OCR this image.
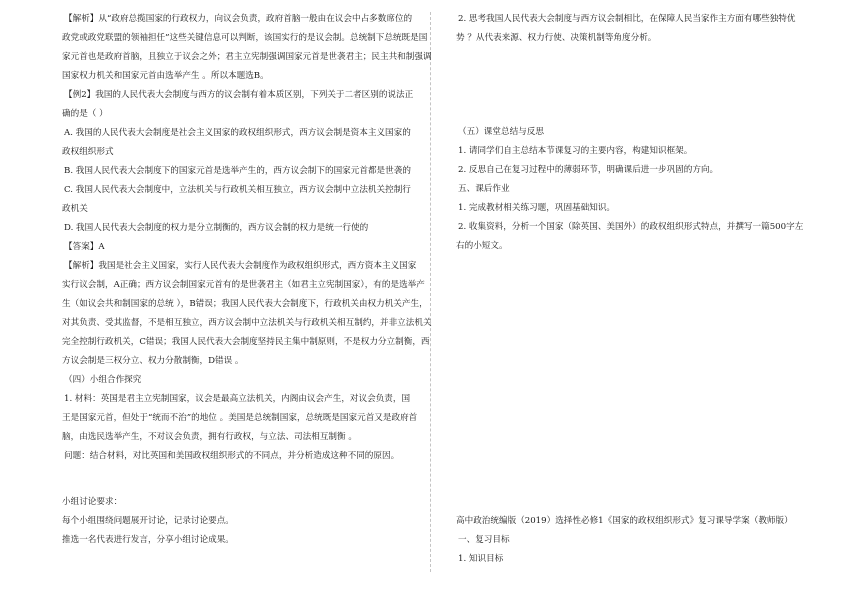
【解析】从“政府总揽国家的行政权力，向议会负责，政府首脑一般由在议会中占多数席位的
政党或政党联盟的领袖担任”这些关键信息可以判断，该国实行的是议会制。总统制下总统既是国
家元首也是政府首脑，且独立于议会之外；君主立宪制强调国家元首是世袭君主；民主共和制强调
国家权力机关和国家元首由选举产生 。所以本题选B。
【例2】我国的人民代表大会制度与西方的议会制有着本质区别，下列关于二者区别的说法正
确的是（ ）
A. 我国的人民代表大会制度是社会主义国家的政权组织形式，西方议会制是资本主义国家的
政权组织形式
B. 我国人民代表大会制度下的国家元首是选举产生的，西方议会制下的国家元首都是世袭的
C. 我国人民代表大会制度中，立法机关与行政机关相互独立，西方议会制中立法机关控制行
政机关
D. 我国人民代表大会制度的权力是分立制衡的，西方议会制的权力是统一行使的
【答案】A
【解析】我国是社会主义国家，实行人民代表大会制度作为政权组织形式，西方资本主义国家
实行议会制，A正确；西方议会制国家元首有的是世袭君主（如君主立宪制国家），有的是选举产
生（如议会共和制国家的总统 ），B错误；我国人民代表大会制度下，行政机关由权力机关产生，
对其负责、受其监督，不是相互独立，西方议会制中立法机关与行政机关相互制约，并非立法机关
完全控制行政机关，C错误；我国人民代表大会制度坚持民主集中制原则，不是权力分立制衡，西
方议会制是三权分立、权力分散制衡，D错误 。
（四）小组合作探究
1. 材料：英国是君主立宪制国家，议会是最高立法机关，内阁由议会产生，对议会负责，国
王是国家元首，但处于“统而不治”的地位 。美国是总统制国家，总统既是国家元首又是政府首
脑，由选民选举产生，不对议会负责，拥有行政权，与立法、司法相互制衡 。
问题：结合材料，对比英国和美国政权组织形式的不同点，并分析造成这种不同的原因。
小组讨论要求：
每个小组围绕问题展开讨论，记录讨论要点。
推选一名代表进行发言，分享小组讨论成果。
2. 思考我国人民代表大会制度与西方议会制相比，在保障人民当家作主方面有哪些独特优
势 ？从代表来源、权力行使、决策机制等角度分析。
（五）课堂总结与反思
1. 请同学们自主总结本节课复习的主要内容，构建知识框架。
2. 反思自己在复习过程中的薄弱环节，明确课后进一步巩固的方向。
五、课后作业
1. 完成教材相关练习题，巩固基础知识。
2. 收集资料，分析一个国家（除英国、美国外）的政权组织形式特点，并撰写一篇500字左
右的小短文。
高中政治统编版（2019）选择性必修1《国家的政权组织形式》复习课导学案（教师版）
一、复习目标
1. 知识目标
